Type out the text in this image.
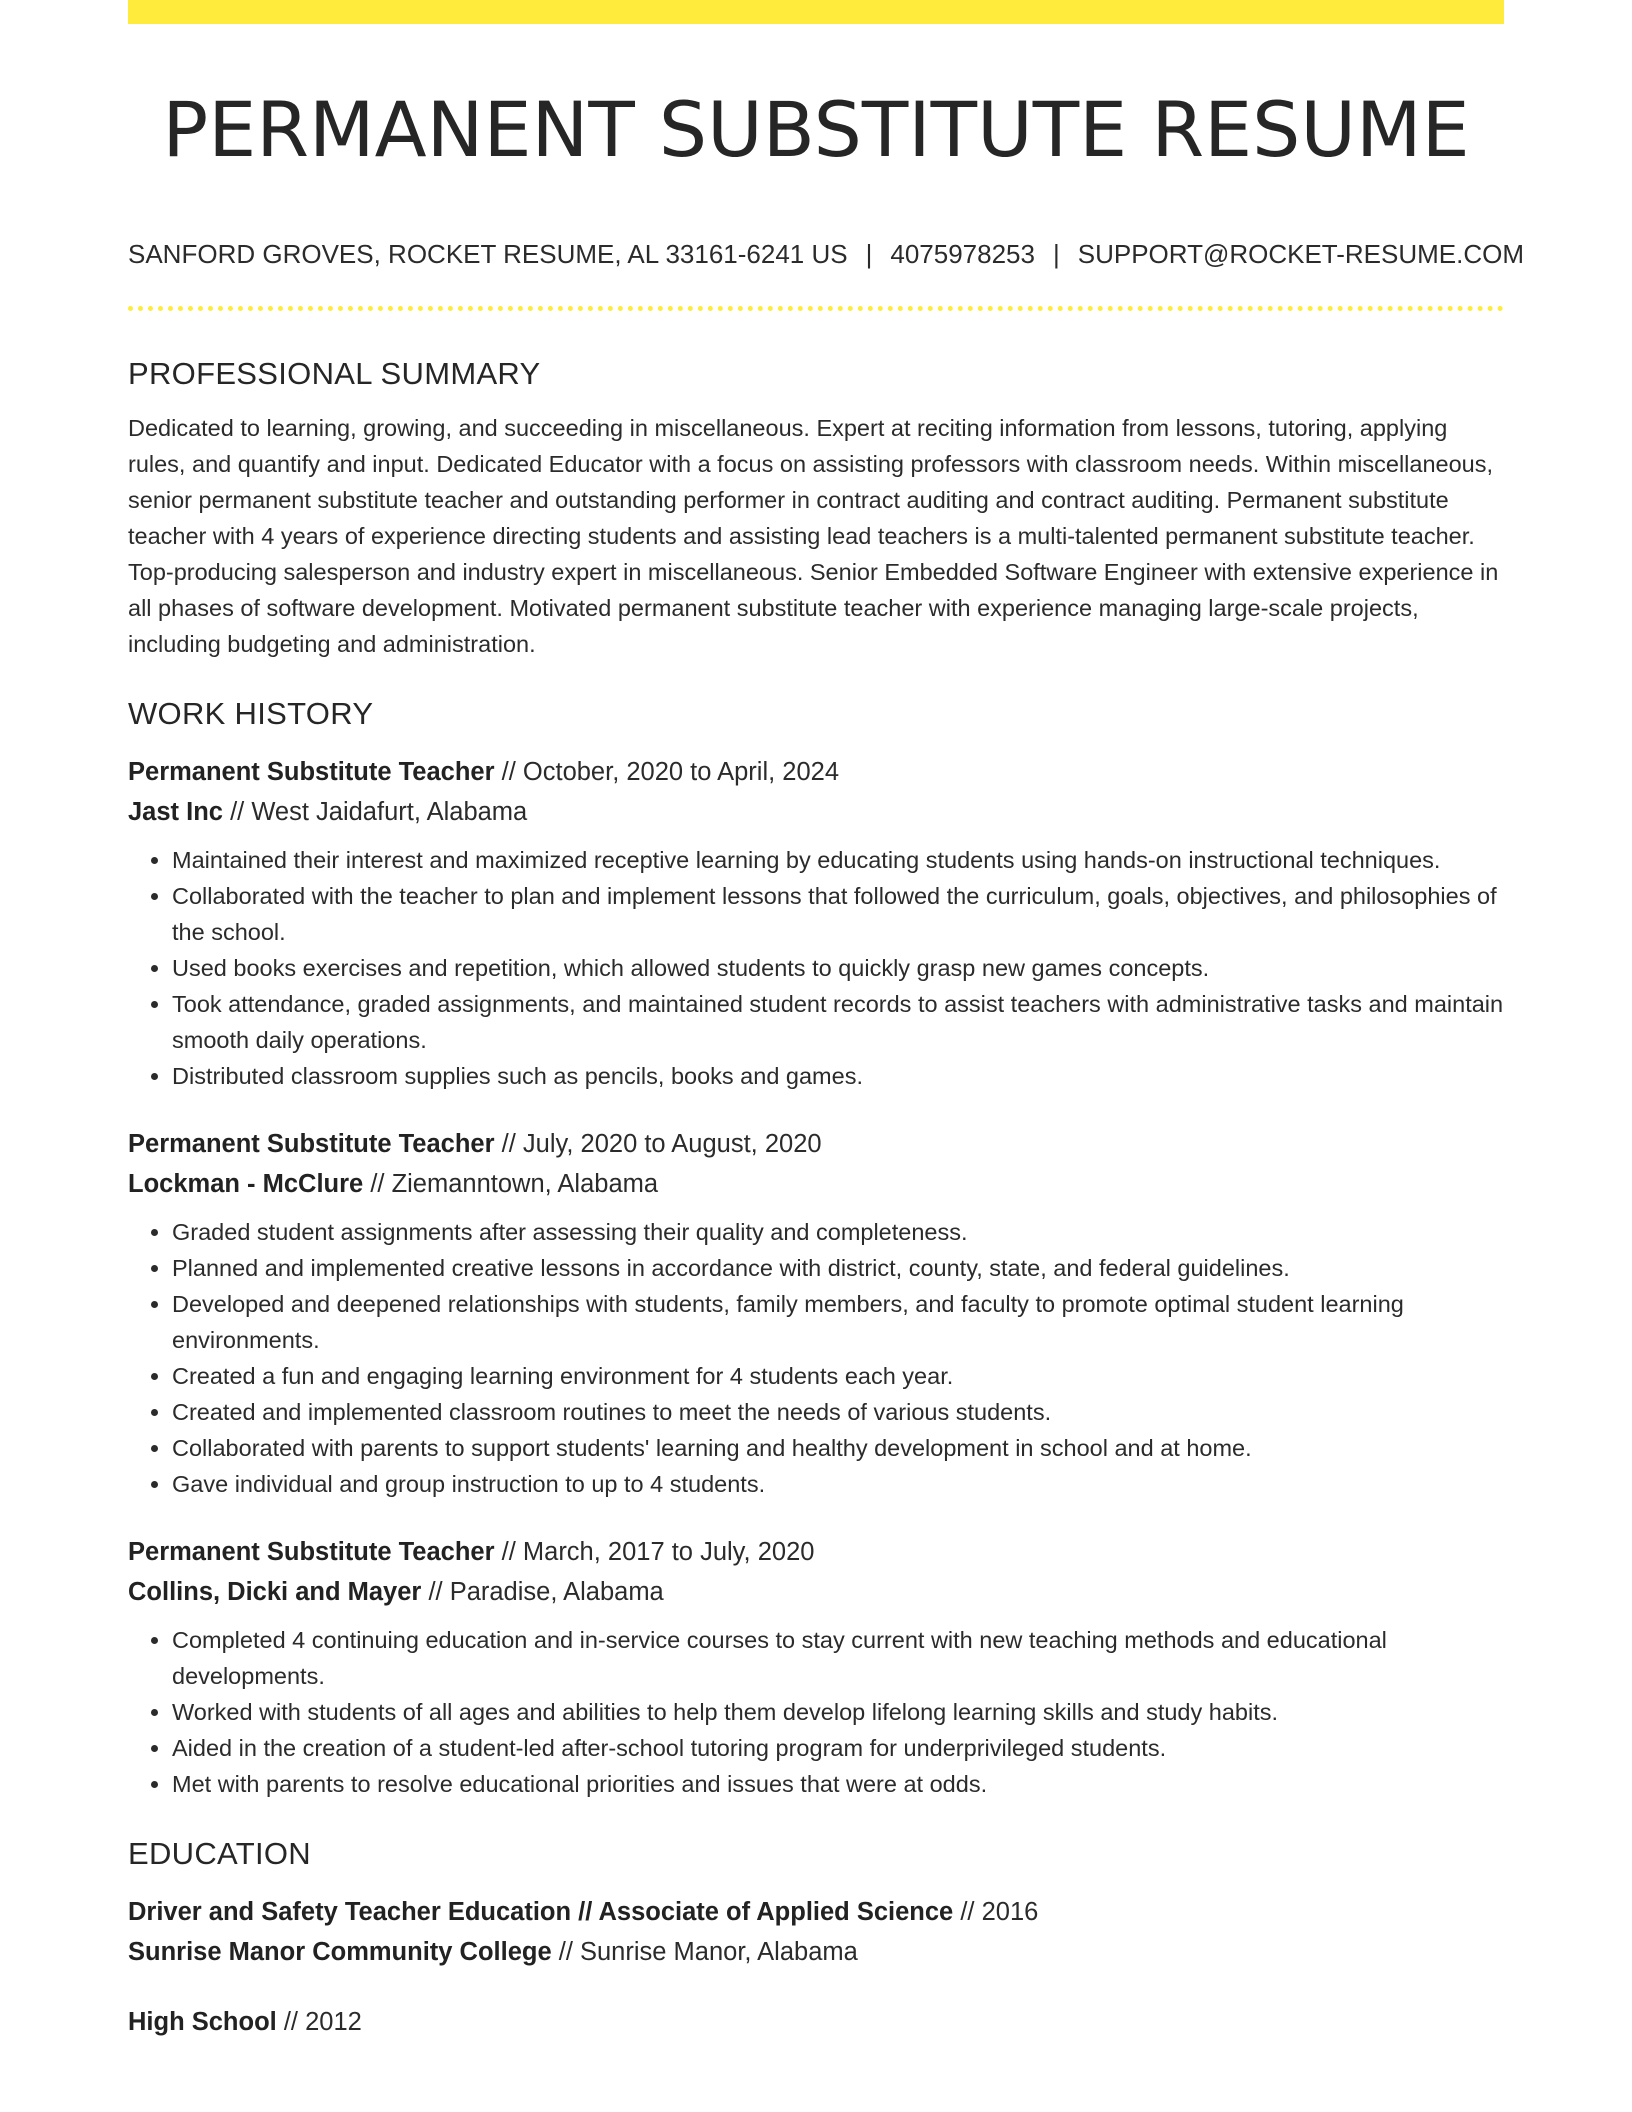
PERMANENT SUBSTITUTE RESUME
SANFORD GROVES, ROCKET RESUME, AL 33161-6241 US | 4075978253 | SUPPORT@ROCKET-RESUME.COM
PROFESSIONAL SUMMARY

Dedicated to learning, growing, and succeeding in miscellaneous. Expert at reciting information from lessons, tutoring, applying rules, and quantify and input. Dedicated Educator with a focus on assisting professors with classroom needs. Within miscellaneous, senior permanent substitute teacher and outstanding performer in contract auditing and contract auditing. Permanent substitute teacher with 4 years of experience directing students and assisting lead teachers is a multi-talented permanent substitute teacher. Top-producing salesperson and industry expert in miscellaneous. Senior Embedded Software Engineer with extensive experience in all phases of software development. Motivated permanent substitute teacher with experience managing large-scale projects, including budgeting and administration.

WORK HISTORY
Permanent Substitute Teacher // October, 2020 to April, 2024
Jast Inc // West Jaidafurt, Alabama
• Maintained their interest and maximized receptive learning by educating students using hands-on instructional techniques.
• Collaborated with the teacher to plan and implement lessons that followed the curriculum, goals, objectives, and philosophies of the school.
• Used books exercises and repetition, which allowed students to quickly grasp new games concepts.
• Took attendance, graded assignments, and maintained student records to assist teachers with administrative tasks and maintain smooth daily operations.
• Distributed classroom supplies such as pencils, books and games.
Permanent Substitute Teacher // July, 2020 to August, 2020
Lockman - McClure // Ziemanntown, Alabama
• Graded student assignments after assessing their quality and completeness.
• Planned and implemented creative lessons in accordance with district, county, state, and federal guidelines.
• Developed and deepened relationships with students, family members, and faculty to promote optimal student learning environments.
• Created a fun and engaging learning environment for 4 students each year.
• Created and implemented classroom routines to meet the needs of various students.
• Collaborated with parents to support students' learning and healthy development in school and at home.
• Gave individual and group instruction to up to 4 students.
Permanent Substitute Teacher // March, 2017 to July, 2020
Collins, Dicki and Mayer // Paradise, Alabama
• Completed 4 continuing education and in-service courses to stay current with new teaching methods and educational developments.
• Worked with students of all ages and abilities to help them develop lifelong learning skills and study habits.
• Aided in the creation of a student-led after-school tutoring program for underprivileged students.
• Met with parents to resolve educational priorities and issues that were at odds.
EDUCATION
Driver and Safety Teacher Education // Associate of Applied Science // 2016
Sunrise Manor Community College // Sunrise Manor, Alabama
High School // 2012
